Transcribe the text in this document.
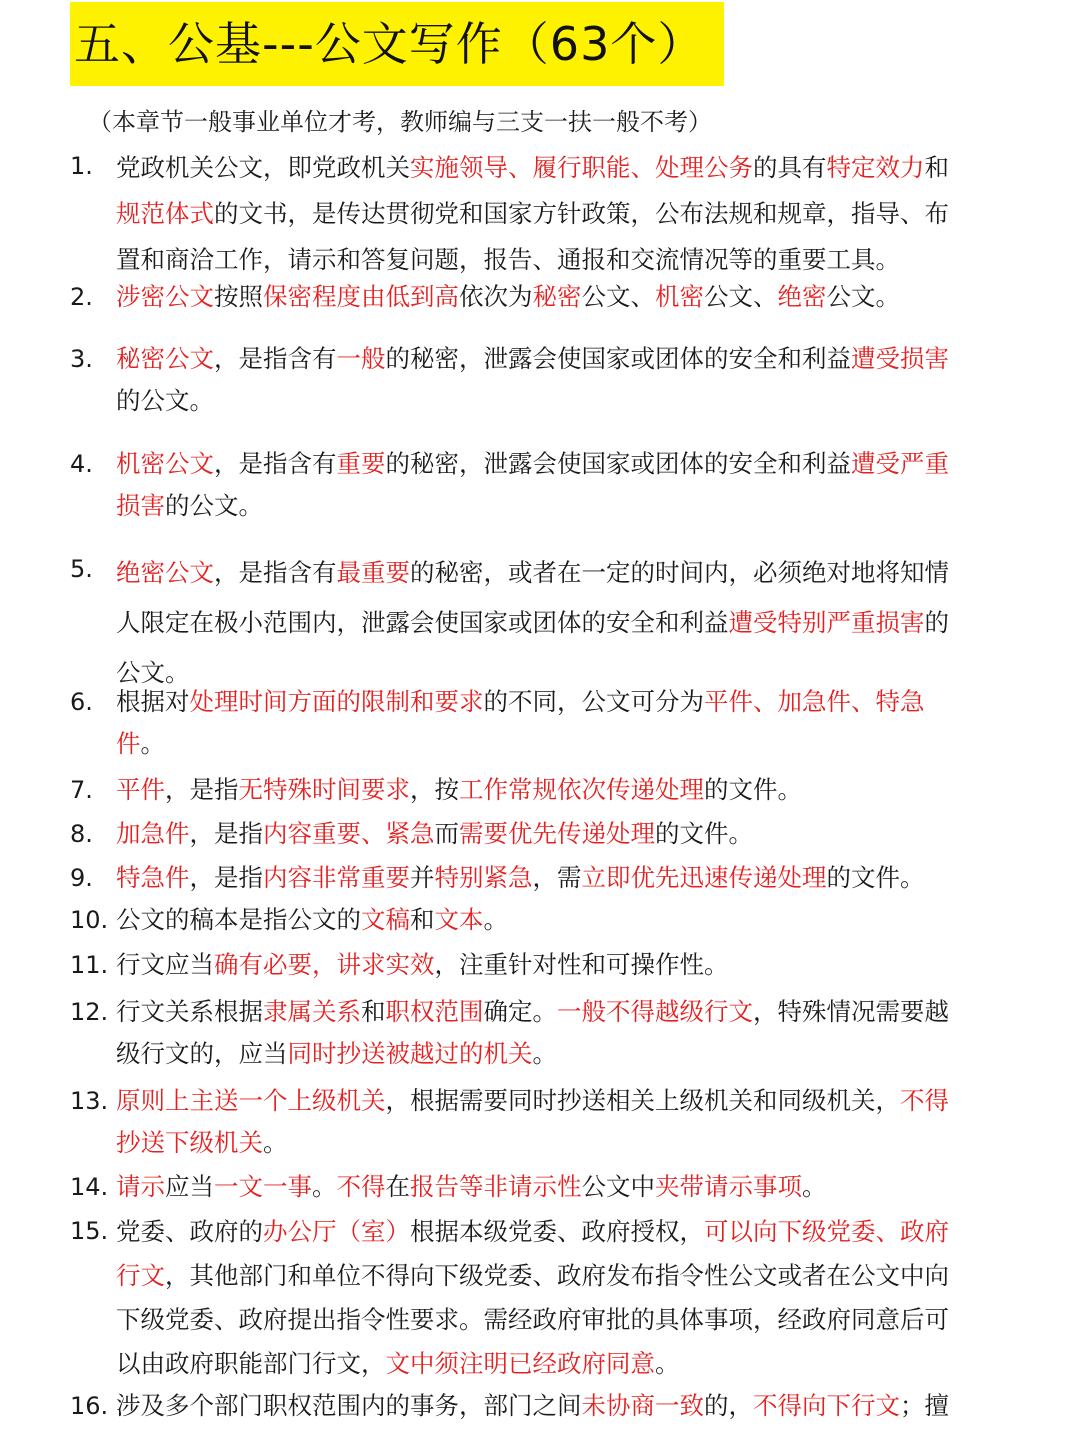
五、公基---公文写作（63个）
（本章节一般事业单位才考，教师编与三支一扶一般不考）
1. 党政机关公文，即党政机关实施领导、履行职能、处理公务的具有特定效力和
规范体式的文书，是传达贯彻党和国家方针政策，公布法规和规章，指导、布
置和商洽工作，请示和答复问题，报告、通报和交流情况等的重要工具。
2. 涉密公文按照保密程度由低到高依次为秘密公文、机密公文、绝密公文。
3. 秘密公文，是指含有一般的秘密，泄露会使国家或团体的安全和利益遭受损害
的公文。
4. 机密公文，是指含有重要的秘密，泄露会使国家或团体的安全和利益遭受严重
损害的公文。
5. 绝密公文，是指含有最重要的秘密，或者在一定的时间内，必须绝对地将知情
人限定在极小范围内，泄露会使国家或团体的安全和利益遭受特别严重损害的
公文。
6. 根据对处理时间方面的限制和要求的不同，公文可分为平件、加急件、特急
件。
7. 平件，是指无特殊时间要求，按工作常规依次传递处理的文件。
8. 加急件，是指内容重要、紧急而需要优先传递处理的文件。
9. 特急件，是指内容非常重要并特别紧急，需立即优先迅速传递处理的文件。
10. 公文的稿本是指公文的文稿和文本。
11. 行文应当确有必要，讲求实效，注重针对性和可操作性。
12. 行文关系根据隶属关系和职权范围确定。一般不得越级行文，特殊情况需要越
级行文的，应当同时抄送被越过的机关。
13. 原则上主送一个上级机关，根据需要同时抄送相关上级机关和同级机关，不得
抄送下级机关。
14. 请示应当一文一事。不得在报告等非请示性公文中夹带请示事项。
15. 党委、政府的办公厅（室）根据本级党委、政府授权，可以向下级党委、政府
行文，其他部门和单位不得向下级党委、政府发布指令性公文或者在公文中向
下级党委、政府提出指令性要求。需经政府审批的具体事项，经政府同意后可
以由政府职能部门行文，文中须注明已经政府同意。
16. 涉及多个部门职权范围内的事务，部门之间未协商一致的，不得向下行文；擅
